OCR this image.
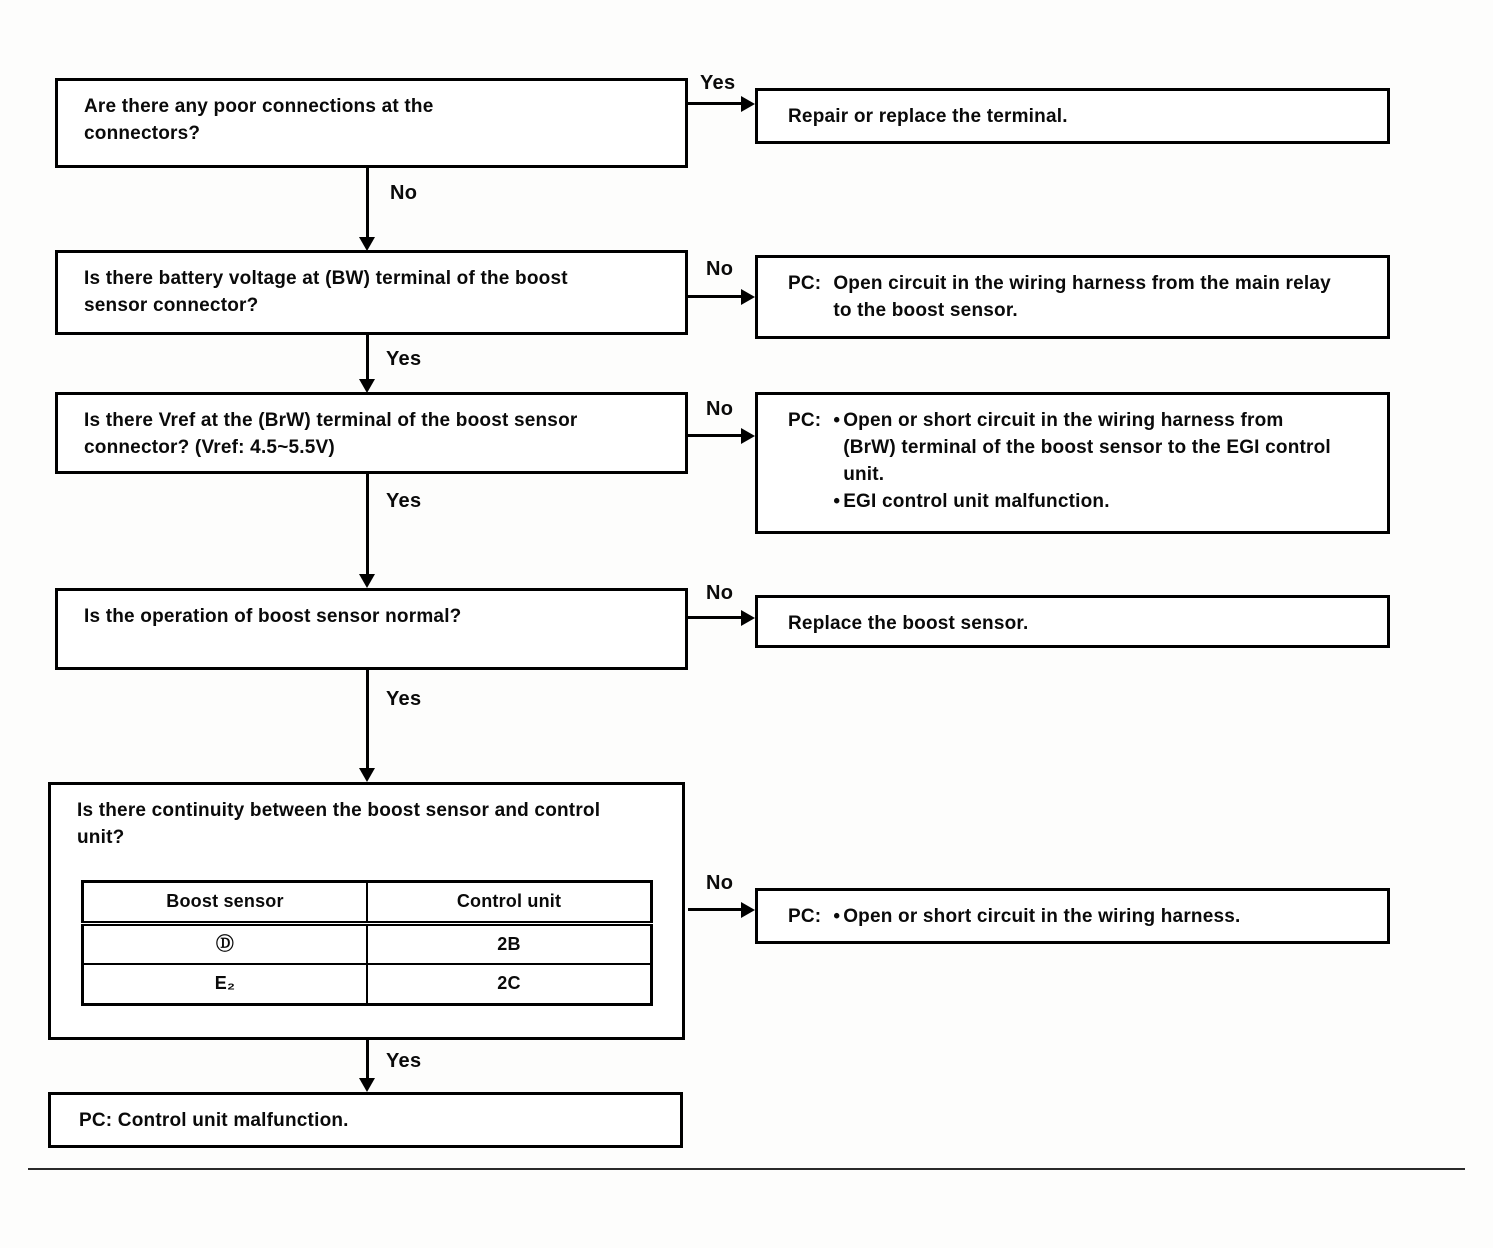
Are there any poor connections at the connectors?
Yes
Repair or replace the terminal.
No
Is there battery voltage at (BW) terminal of the boost sensor connector?
No
PC: Open circuit in the wiring harness from the main relay to the boost sensor.
Yes
Is there Vref at the (BrW) terminal of the boost sensor connector? (Vref: 4.5~5.5V)
No
PC: • Open or short circuit in the wiring harness from (BrW) terminal of the boost sensor to the EGI control unit.
• EGI control unit malfunction.
Yes
Is the operation of boost sensor normal?
No
Replace the boost sensor.
Yes
Is there continuity between the boost sensor and control unit?
Boost sensor	Control unit
Ⓓ	2B
E₂	2C
No
PC: • Open or short circuit in the wiring harness.
Yes
PC: Control unit malfunction.
